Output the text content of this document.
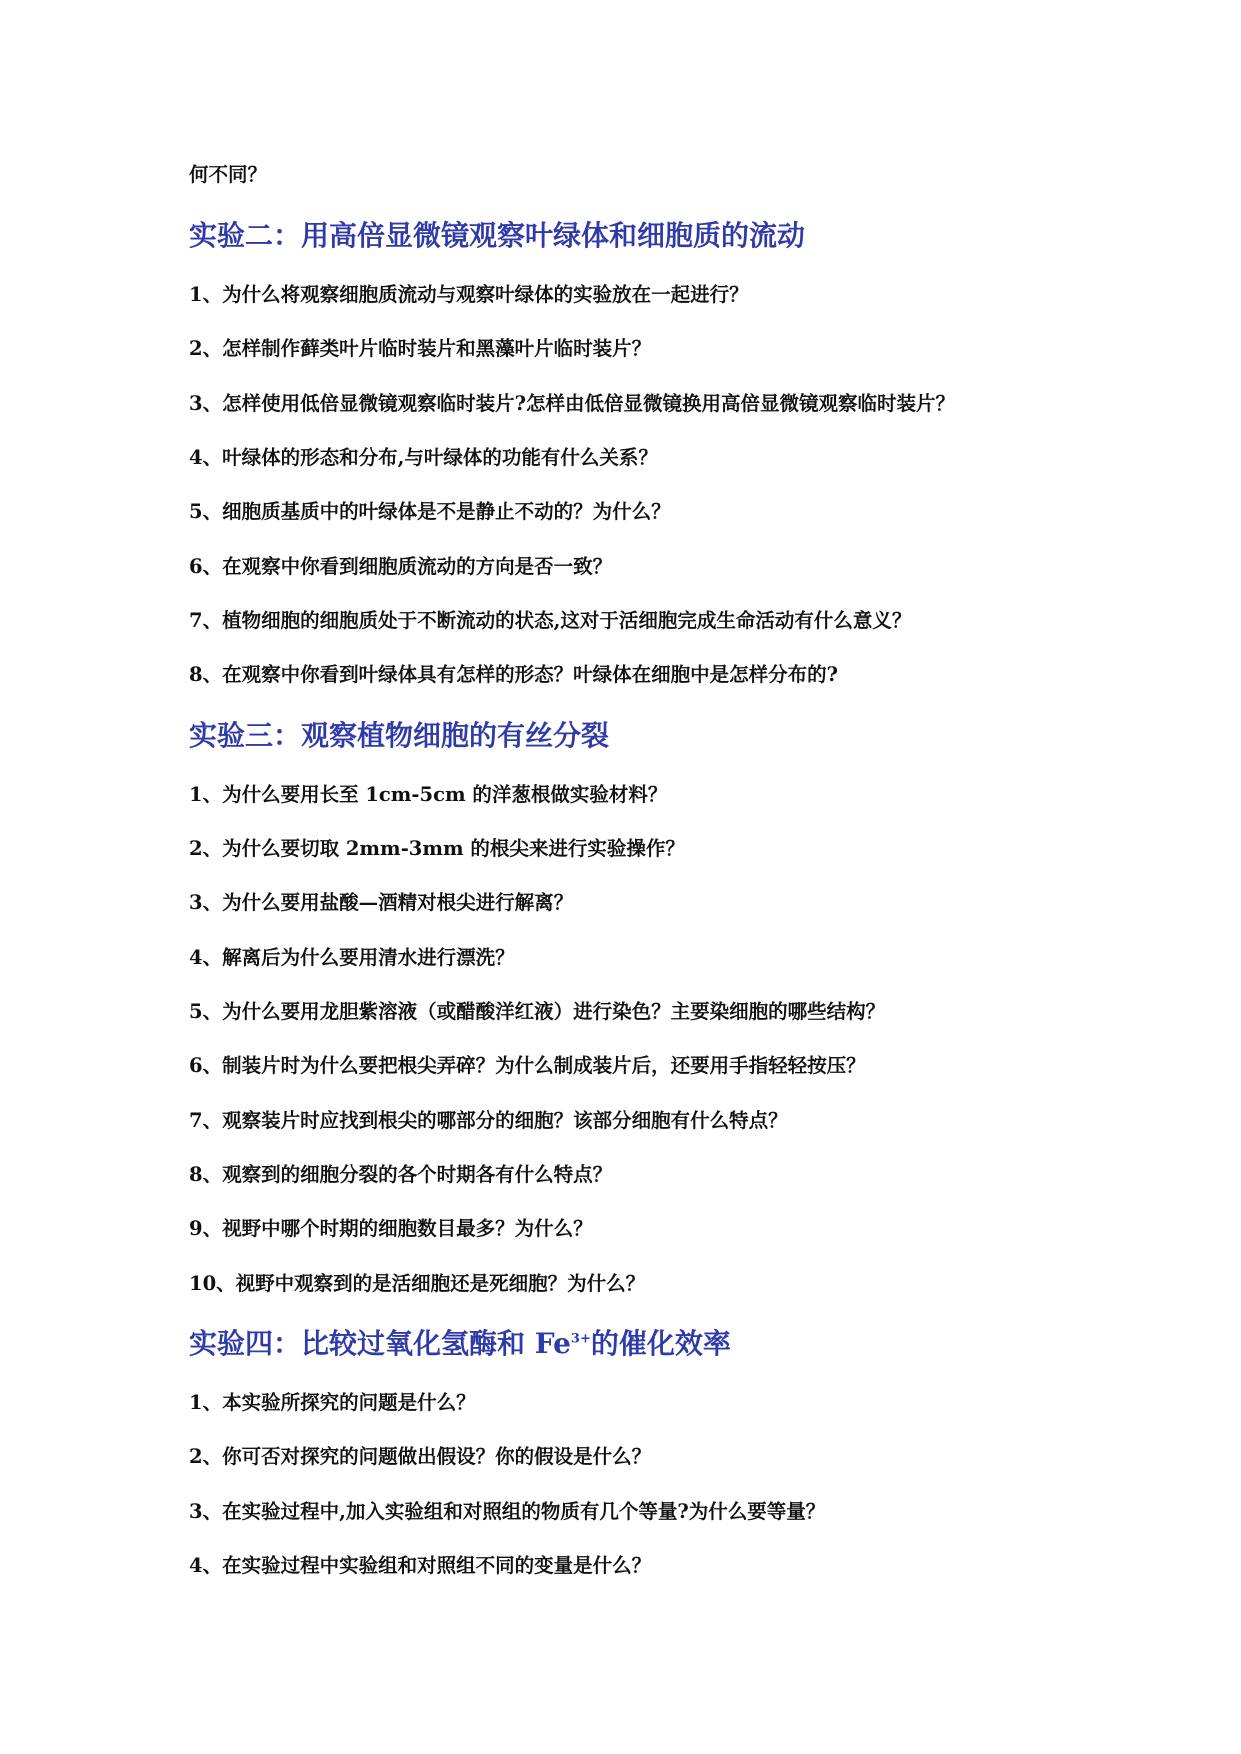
何不同？

实验二：用高倍显微镜观察叶绿体和细胞质的流动

1、为什么将观察细胞质流动与观察叶绿体的实验放在一起进行？

2、怎样制作藓类叶片临时装片和黑藻叶片临时装片？

3、怎样使用低倍显微镜观察临时装片?怎样由低倍显微镜换用高倍显微镜观察临时装片？

4、叶绿体的形态和分布,与叶绿体的功能有什么关系？

5、细胞质基质中的叶绿体是不是静止不动的？为什么？

6、在观察中你看到细胞质流动的方向是否一致？

7、植物细胞的细胞质处于不断流动的状态,这对于活细胞完成生命活动有什么意义？

8、在观察中你看到叶绿体具有怎样的形态？叶绿体在细胞中是怎样分布的?

实验三：观察植物细胞的有丝分裂

1、为什么要用长至 1cm-5cm 的洋葱根做实验材料？

2、为什么要切取 2mm-3mm 的根尖来进行实验操作？

3、为什么要用盐酸—酒精对根尖进行解离？

4、解离后为什么要用清水进行漂洗？

5、为什么要用龙胆紫溶液（或醋酸洋红液）进行染色？主要染细胞的哪些结构？

6、制装片时为什么要把根尖弄碎？为什么制成装片后，还要用手指轻轻按压？

7、观察装片时应找到根尖的哪部分的细胞？该部分细胞有什么特点？

8、观察到的细胞分裂的各个时期各有什么特点？

9、视野中哪个时期的细胞数目最多？为什么？

10、视野中观察到的是活细胞还是死细胞？为什么？

实验四：比较过氧化氢酶和 $Fe^{3+}$的催化效率

1、本实验所探究的问题是什么？

2、你可否对探究的问题做出假设？你的假设是什么？

3、在实验过程中,加入实验组和对照组的物质有几个等量?为什么要等量？

4、在实验过程中实验组和对照组不同的变量是什么？
